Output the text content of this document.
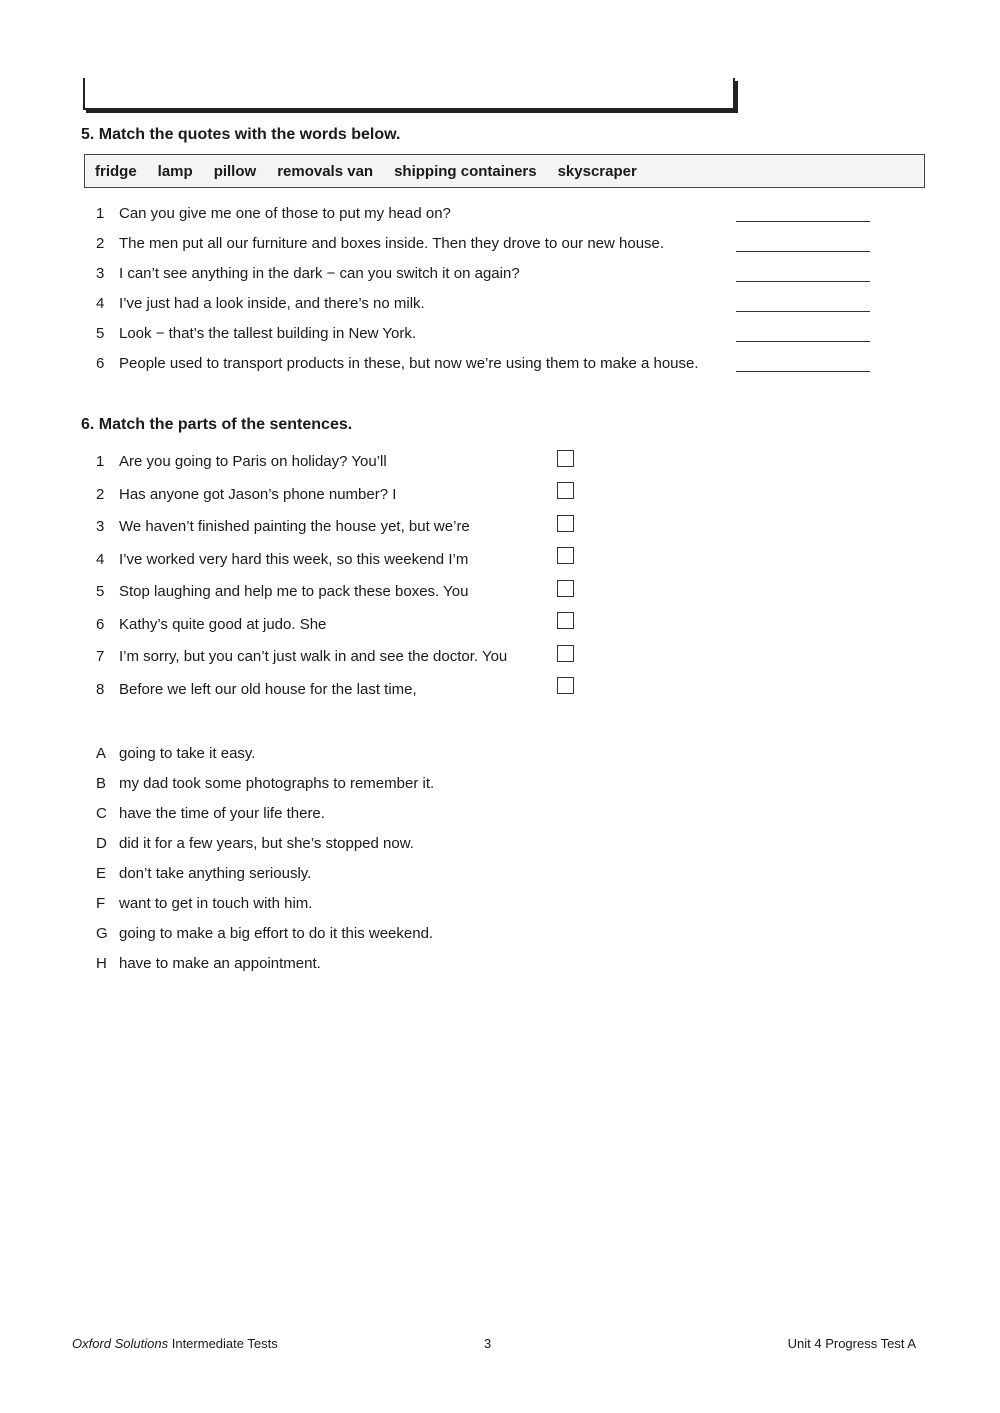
5. Match the quotes with the words below.
fridge lamp pillow removals van shipping containers skyscraper
1 Can you give me one of those to put my head on?
2 The men put all our furniture and boxes inside. Then they drove to our new house.
3 I can’t see anything in the dark − can you switch it on again?
4 I’ve just had a look inside, and there’s no milk.
5 Look − that’s the tallest building in New York.
6 People used to transport products in these, but now we’re using them to make a house.
6. Match the parts of the sentences.
1 Are you going to Paris on holiday? You’ll
2 Has anyone got Jason’s phone number? I
3 We haven’t finished painting the house yet, but we’re
4 I’ve worked very hard this week, so this weekend I’m
5 Stop laughing and help me to pack these boxes. You
6 Kathy’s quite good at judo. She
7 I’m sorry, but you can’t just walk in and see the doctor. You
8 Before we left our old house for the last time,
A going to take it easy.
B my dad took some photographs to remember it.
C have the time of your life there.
D did it for a few years, but she’s stopped now.
E don’t take anything seriously.
F want to get in touch with him.
G going to make a big effort to do it this weekend.
H have to make an appointment.
Oxford Solutions Intermediate Tests	3	Unit 4 Progress Test A
